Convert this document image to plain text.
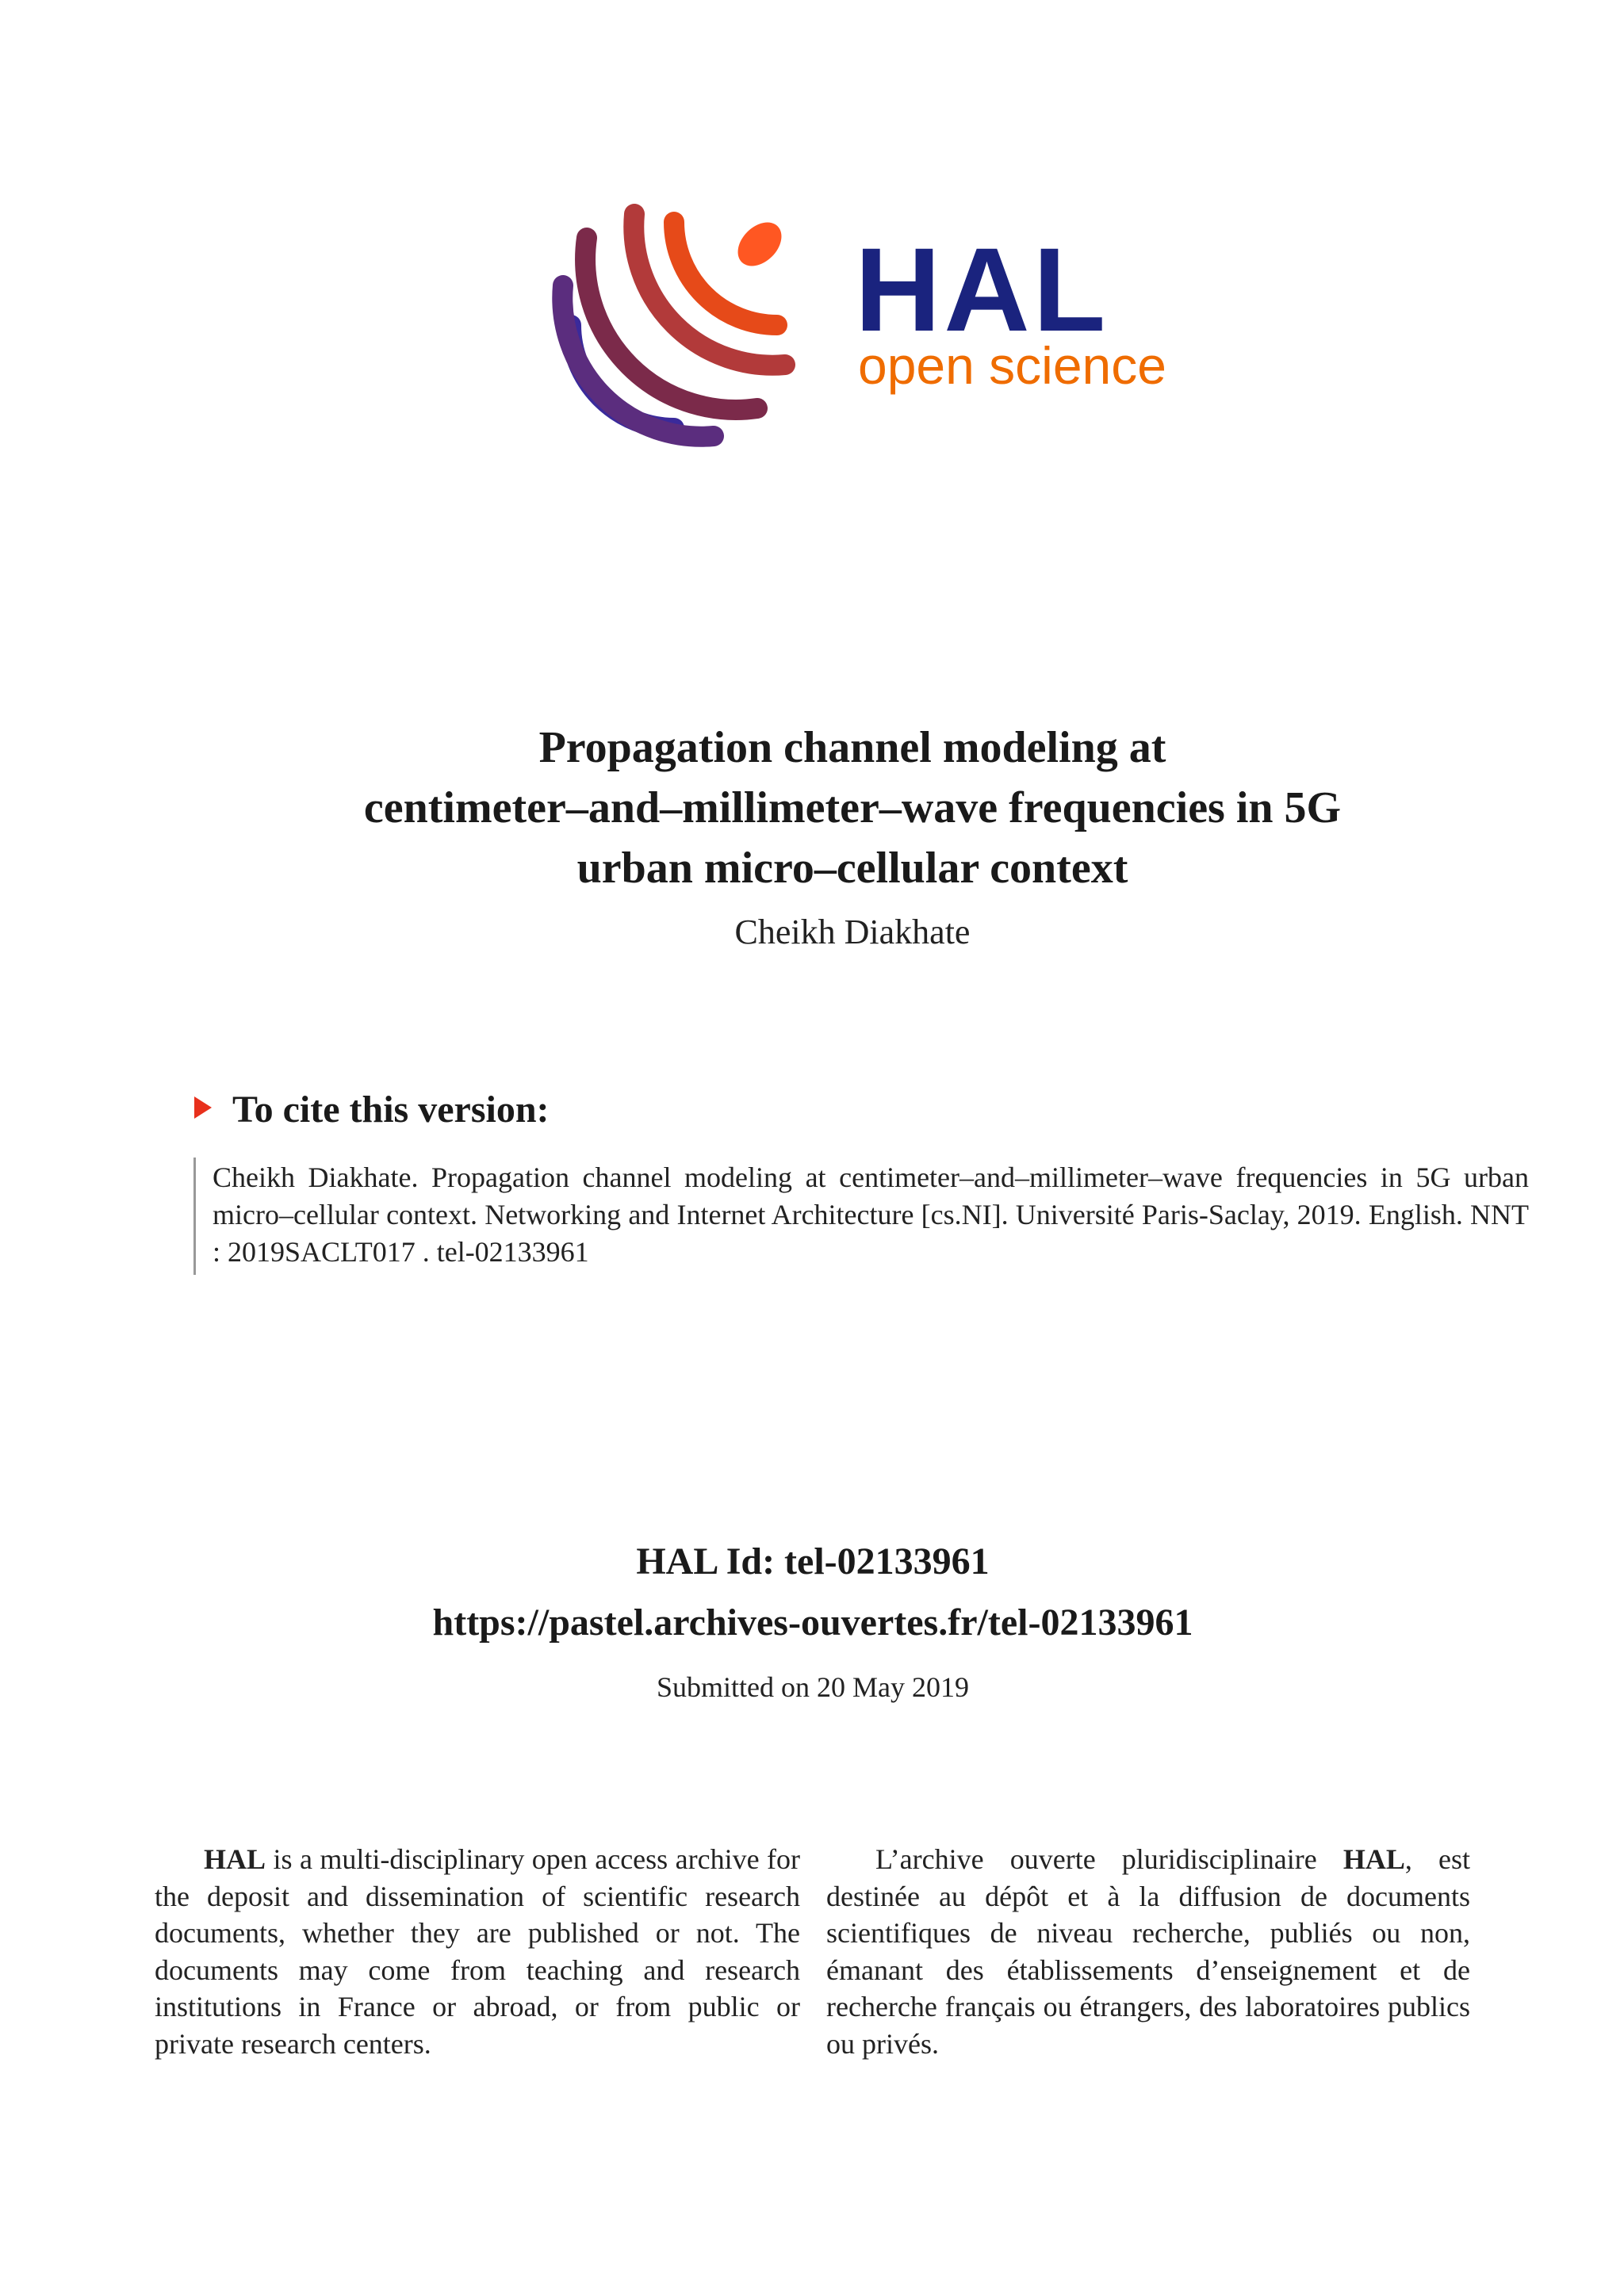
HAL
open science
Propagation channel modeling at
centimeter–and–millimeter–wave frequencies in 5G
urban micro–cellular context
Cheikh Diakhate
To cite this version:

Cheikh Diakhate. Propagation channel modeling at centimeter–and–millimeter–wave frequencies in 5G urban micro–cellular context. Networking and Internet Architecture [cs.NI]. Université Paris-Saclay, 2019. English. NNT : 2019SACLT017 . tel-02133961

HAL Id: tel-02133961
https://pastel.archives-ouvertes.fr/tel-02133961
Submitted on 20 May 2019

HAL is a multi-disciplinary open access archive for the deposit and dissemination of scientific research documents, whether they are published or not. The documents may come from teaching and research institutions in France or abroad, or from public or private research centers.

L’archive ouverte pluridisciplinaire HAL, est destinée au dépôt et à la diffusion de documents scientifiques de niveau recherche, publiés ou non, émanant des établissements d’enseignement et de recherche français ou étrangers, des laboratoires publics ou privés.
